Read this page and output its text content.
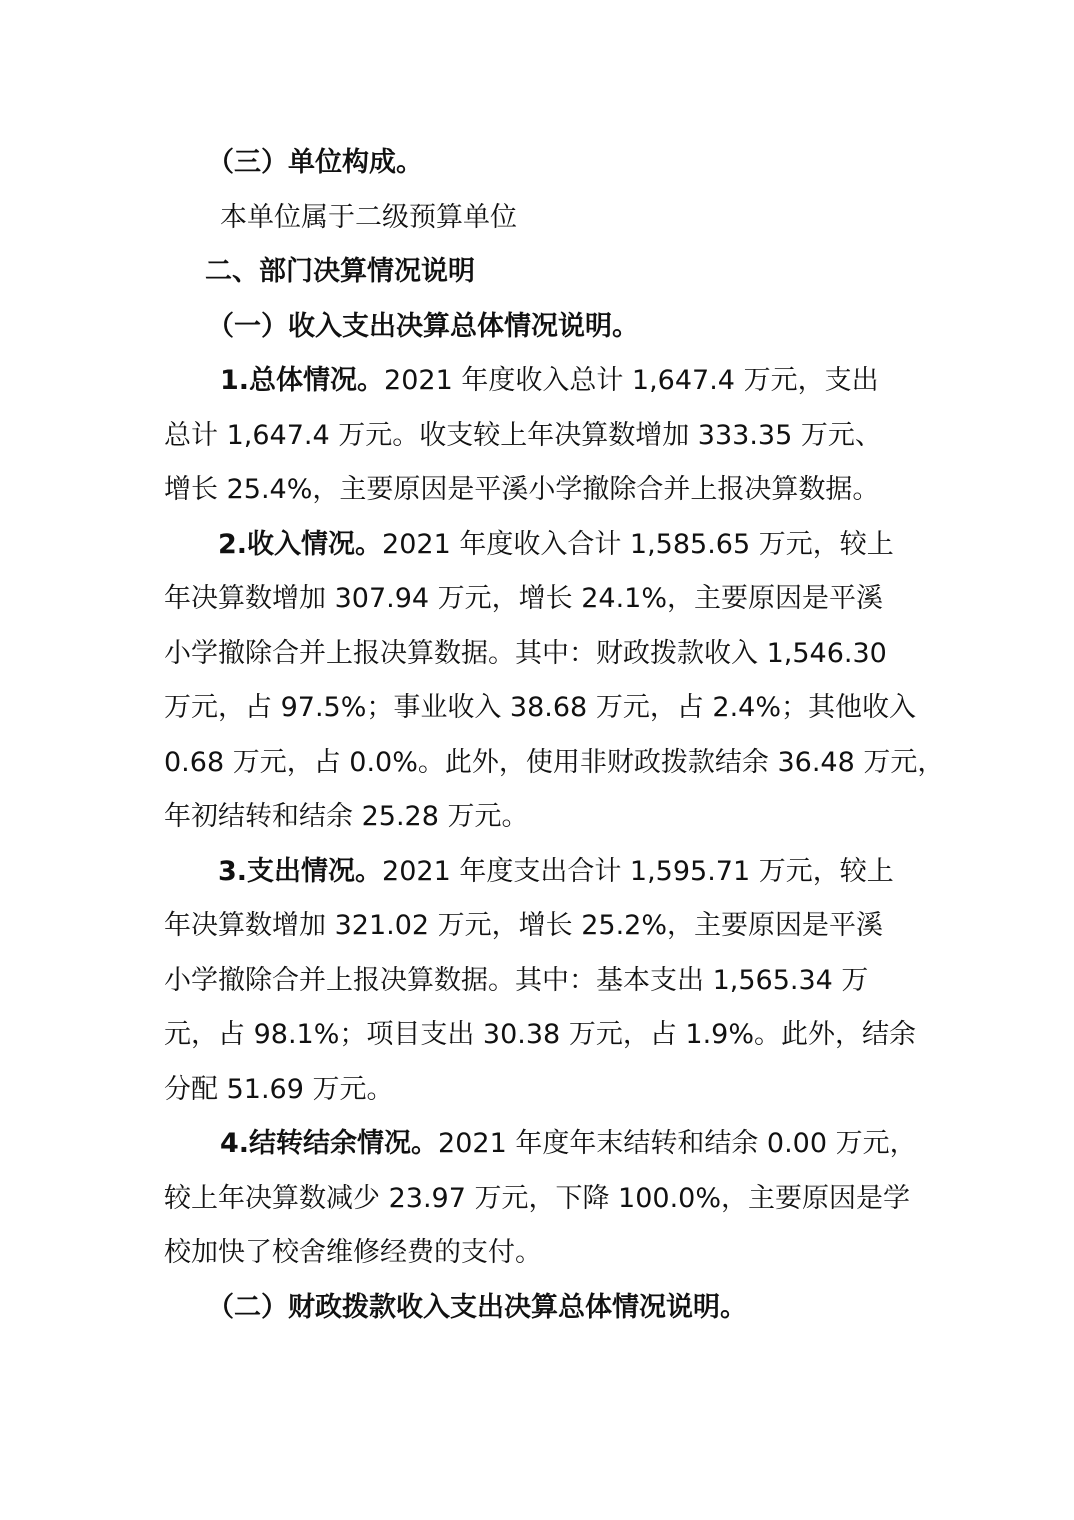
（三）单位构成。
本单位属于二级预算单位
二、部门决算情况说明
（一）收入支出决算总体情况说明。
1.总体情况。2021 年度收入总计 1,647.4 万元，支出
总计 1,647.4 万元。收支较上年决算数增加 333.35 万元、
增长 25.4%，主要原因是平溪小学撤除合并上报决算数据。
2.收入情况。2021 年度收入合计 1,585.65 万元，较上
年决算数增加 307.94 万元，增长 24.1%，主要原因是平溪
小学撤除合并上报决算数据。其中：财政拨款收入 1,546.30
万元，占 97.5%；事业收入 38.68 万元，占 2.4%；其他收入
0.68 万元，占 0.0%。此外，使用非财政拨款结余 36.48 万元，
年初结转和结余 25.28 万元。
3.支出情况。2021 年度支出合计 1,595.71 万元，较上
年决算数增加 321.02 万元，增长 25.2%，主要原因是平溪
小学撤除合并上报决算数据。其中：基本支出 1,565.34 万
元，占 98.1%；项目支出 30.38 万元，占 1.9%。此外，结余
分配 51.69 万元。
4.结转结余情况。2021 年度年末结转和结余 0.00 万元，
较上年决算数减少 23.97 万元，下降 100.0%，主要原因是学
校加快了校舍维修经费的支付。
（二）财政拨款收入支出决算总体情况说明。
